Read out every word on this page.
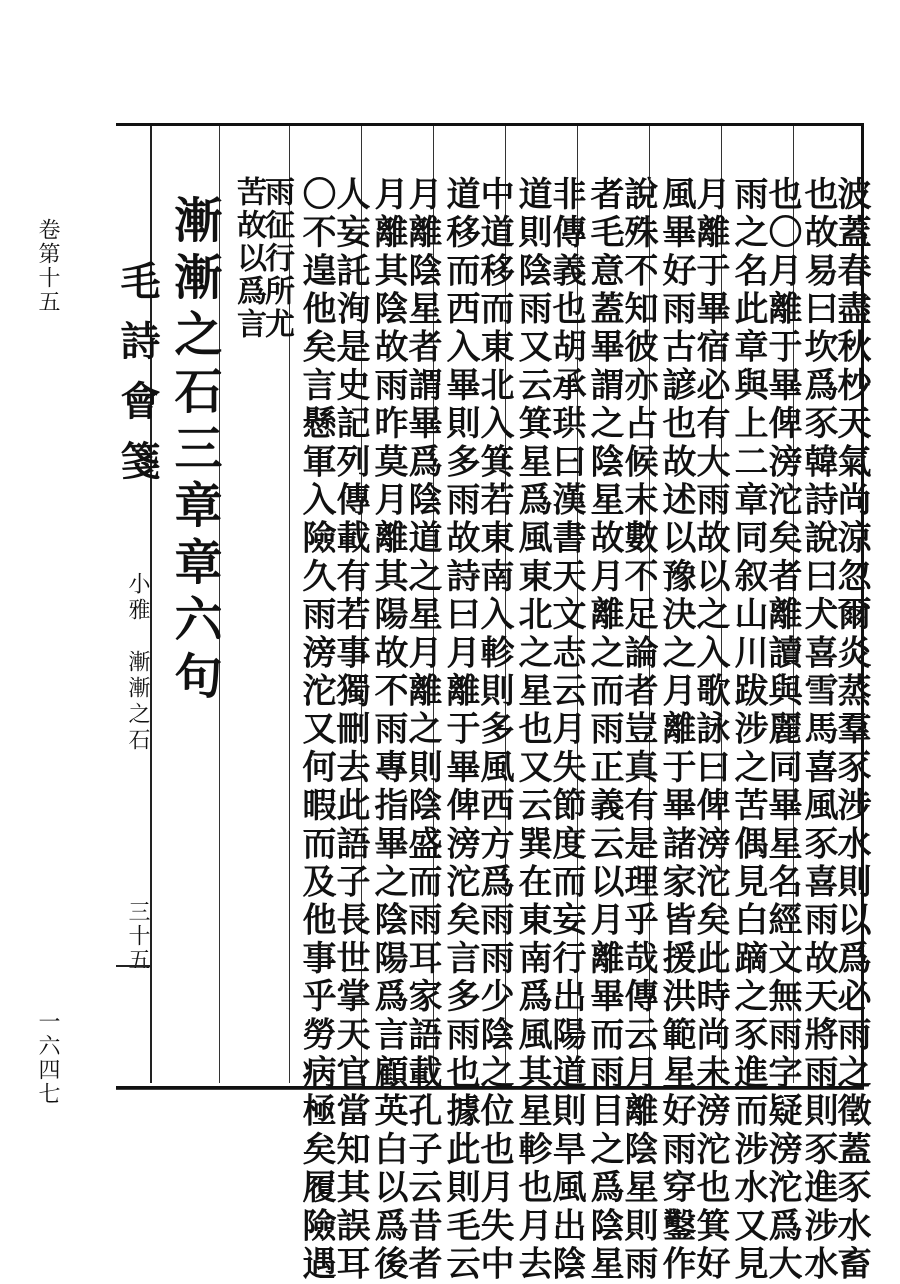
卷第十五
一六四七
毛詩會箋
小雅　漸漸之石
三十五
漸漸之石三章章六句 雨征行所尤
苦故以爲言 人妄託洵是史記列傳載有若事獨刪去此語子長世掌天官當知其誤耳
〇不遑他矣言懸軍入險久雨滂沱又何暇而及他事乎勞病極矣履險遇 月離陰星者謂畢爲陰道之星月離之則陰盛而雨耳家語載孔子云昔者
月離其陰故雨昨莫月離其陽故不雨專指畢之陰陽爲言顧英白以爲後 中道移而東北入箕若東南入軫則多風西方爲雨雨少陰之位也月失中
道移而西入畢則多雨故詩曰月離于畢俾滂沱矣言多雨也據此則毛云 非傳義也胡承珙曰漢書天文志云月失節度而妄行出陽道則旱風出陰
道則陰雨又云箕星爲風東北之星也又云巽在東南爲風其星軫也月去 說殊不知彼亦占候末數不足論者豈真有是理乎哉傳云月離陰星則雨
者毛意蓋畢謂之陰星故月離之而雨正義云以月離畢而雨目之爲陰星 月離于畢宿必有大雨故以之入歌詠曰俾滂沱矣此時尚未滂沱也箕好
風畢好雨古諺也故述以豫決之月離于畢諸家皆援洪範星好雨穿鑿作 也〇月離于畢俾滂沱矣者離讀與麗同畢星名經文無雨字疑滂沱爲大
雨之名此章與上二章同叙山川跋涉之苦偶見白蹢之豕進而涉水又見 波蓋春盡秋杪天氣尚涼忽爾炎蒸羣豕涉水則以爲必雨之徵蓋豕水畜
也故易曰坎爲豕韓詩說曰犬喜雪馬喜風豕喜雨故天將雨則豕進涉水
